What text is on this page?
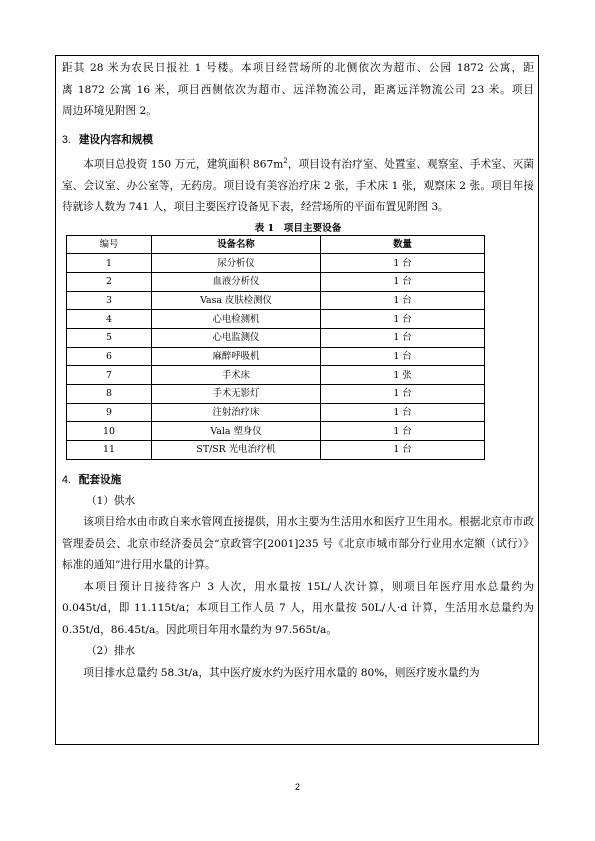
距其 28 米为农民日报社 1 号楼。本项目经营场所的北侧依次为超市、公园 1872 公寓，距

离 1872 公寓 16 米，项目西侧依次为超市、远洋物流公司，距离远洋物流公司 23 米。项目

周边环境见附图 2。

3. 建设内容和规模

本项目总投资 150 万元，建筑面积 $867m^2$，项目设有治疗室、处置室、观察室、手术室、灭菌室、会议室、办公室等，无药房。项目设有美容治疗床 2 张，手术床 1 张，观察床 2 张。项目年接待就诊人数为 741 人，项目主要医疗设备见下表，经营场所的平面布置见附图 3。

表 1　项目主要设备
编号	设备名称	数量
1	尿分析仪	1 台
2	血液分析仪	1 台
3	Vasa 皮肤检测仪	1 台
4	心电检测机	1 台
5	心电监测仪	1 台
6	麻醉呼吸机	1 台
7	手术床	1 张
8	手术无影灯	1 台
9	注射治疗床	1 台
10	Vala 塑身仪	1 台
11	ST/SR 光电治疗机	1 台

4. 配套设施

（1）供水

该项目给水由市政自来水管网直接提供，用水主要为生活用水和医疗卫生用水。根据北京市市政管理委员会、北京市经济委员会“京政管字[2001]235 号《北京市城市部分行业用水定额（试行）》标准的通知”进行用水量的计算。

本项目预计日接待客户 3 人次，用水量按 15L/人次计算，则项目年医疗用水总量约为 0.045t/d，即 11.115t/a；本项目工作人员 7 人，用水量按 50L/人·d 计算，生活用水总量约为 0.35t/d，86.45t/a。因此项目年用水量约为 97.565t/a。

（2）排水

项目排水总量约 58.3t/a，其中医疗废水约为医疗用水量的 80%，则医疗废水量约为

2
